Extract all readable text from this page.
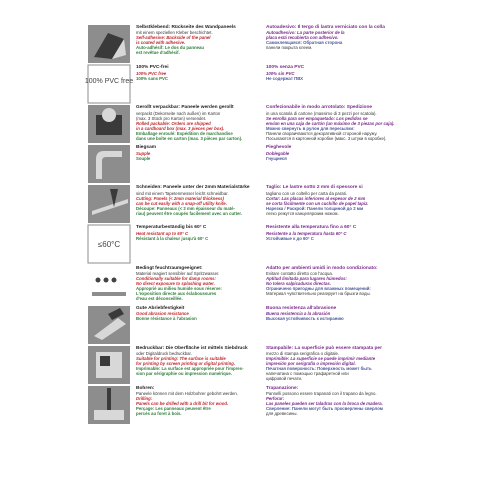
Selbstklebend: Rückseite des Wandpaneels
mit einem speziellen Kleber beschichtet.
Self-adhesive: Backside of the panel
is coated with adhesive.
Auto-adhésif: Le dos du panneau
est revêtue d'adhésif.
Autoadesivo: Il tergo di lastra verniciato con la colla
Autoadhesivo: La parte posterior de la
placa está recubierta con adhesivo.
Самоклеящаяся: Обратная сторона
панели покрыта клеем.
100% PVC free
100% PVC-frei
100% PVC free
100% sans PVC
100% senza PVC
100% sin PVC
Не содержат ПВХ
Gerollt verpackbar: Paneele werden gerollt
verpackt (Dekorseite nach außen) im Karton
(max. 3 Stück pro Karton) versendet.
Rolled packable: Orders are shipped
in a cardboard box (max. 3 pieces per box).
Emballage enroulé: Expédition de marchandise
dans une boîte en carton (max. 3 pièces par carton).
Confezionabile in modo arrotolato: Spedizione
in una scatola di cartone (massimo di 3 pezzi per scatola).
Se enrolla para ser empaquetado: Los pedidos se
envían en una caja de cartón (un máximo de 3 piezas por caja).
Можно свернуть в рулон для пересылки:
Панели свораичваются декоративной стороной наружу.
Посылаются в картонной коробке (макс. 3 штуки в коробке).
Biegsam
Supple
Souple
Pieghevole
Doblegable
Гнущиеся
Schneiden: Paneele unter der 2mm Materialstärke
sind mit einem Tapetenmesser leicht schneidbar.
Cutting: Panels (< 2mm material thickness)
can be cut easily with a snap-off utility knife.
Découpe: Panneaux (< 2 mm épaisseur du maté-
riau) peuvent être coupés facilement avec un cutter.
Taglio: Le lastre sotto 2 mm di spessore si
tagliano con un coltello per carta da parati.
Cortar: Las placas inferiores al espesor de 2 mm
se corta fácilmente con un cuchillo de papel tapiz.
Нарезка / Раскрой: Панели толщиной до 2 мм
легко режутся канцелярским ножом.
≤60°C
Temperaturbeständig bis 60° C
Heat resistant up to 60° C
Résistant à la chaleur jusqu'à 60° C
Resistente alla temperatura fino a 60° C
Resistente a la temperatura hasta 60° C
Устойчивые к до 60° С
Bedingt feuchtraumgeeignet:
Material reagiert sensibler auf Spritzwasser.
Conditionally suitable for damp rooms:
No direct exposure to splashing water.
Approprié au milieu humide sous réserve:
L'exposition directe aux éclaboussures
d'eau est déconseillée.
Adatto per ambienti umidi in modo condizionato:
Evitare contatto diretto con l'acqua.
Aptitud limitada para lugares húmedos:
No tolera salpicaduras directas.
Ограничено пригодны для влажных помещений:
Материал чувствительно реагирует на брызги воды.
Gute Abriebfestigkeit
Good abrasion resistance
Bonne résistance à l'abrasion
Buona resistenza all'abrasione
Buena resistencia a la abrasión
Высокая устойчивость к истиранию
Bedruckbar: Die Oberfläche ist mittels Siebdruck
oder Digitaldruck bedruckbar.
Suitable for printing: The surface is suitable
for printing by screen printing or digital printing.
Imprimable: La surface est appropriée pour l'impres-
sion par sérigraphie ou impression numérique.
Stampabile: La superficie può essere stampata per
mezzo di stampa serigrafica o digitale.
Imprimible: La superficie se puede imprimir mediante
impresión por serigrafía o impresión digital.
Печатная поверхность: Поверхность может быть
напечатана с помощью трафаретной или
цифровой печати.
Bohren:
Paneele können mit dem Holzbohrer gebohrt werden.
Drilling:
Panels can be drilled with a drill bit for wood.
Perçage: Les panneaux peuvent être
percés au foret à bois.
Trapanazione:
Pannelli possono essere trapanati con il trapano da legno.
Perforar:
Las paneles pueden ser taladras con la broca de madera.
Сверление: Панели могут быть просверлены сверлом
для древесины.
